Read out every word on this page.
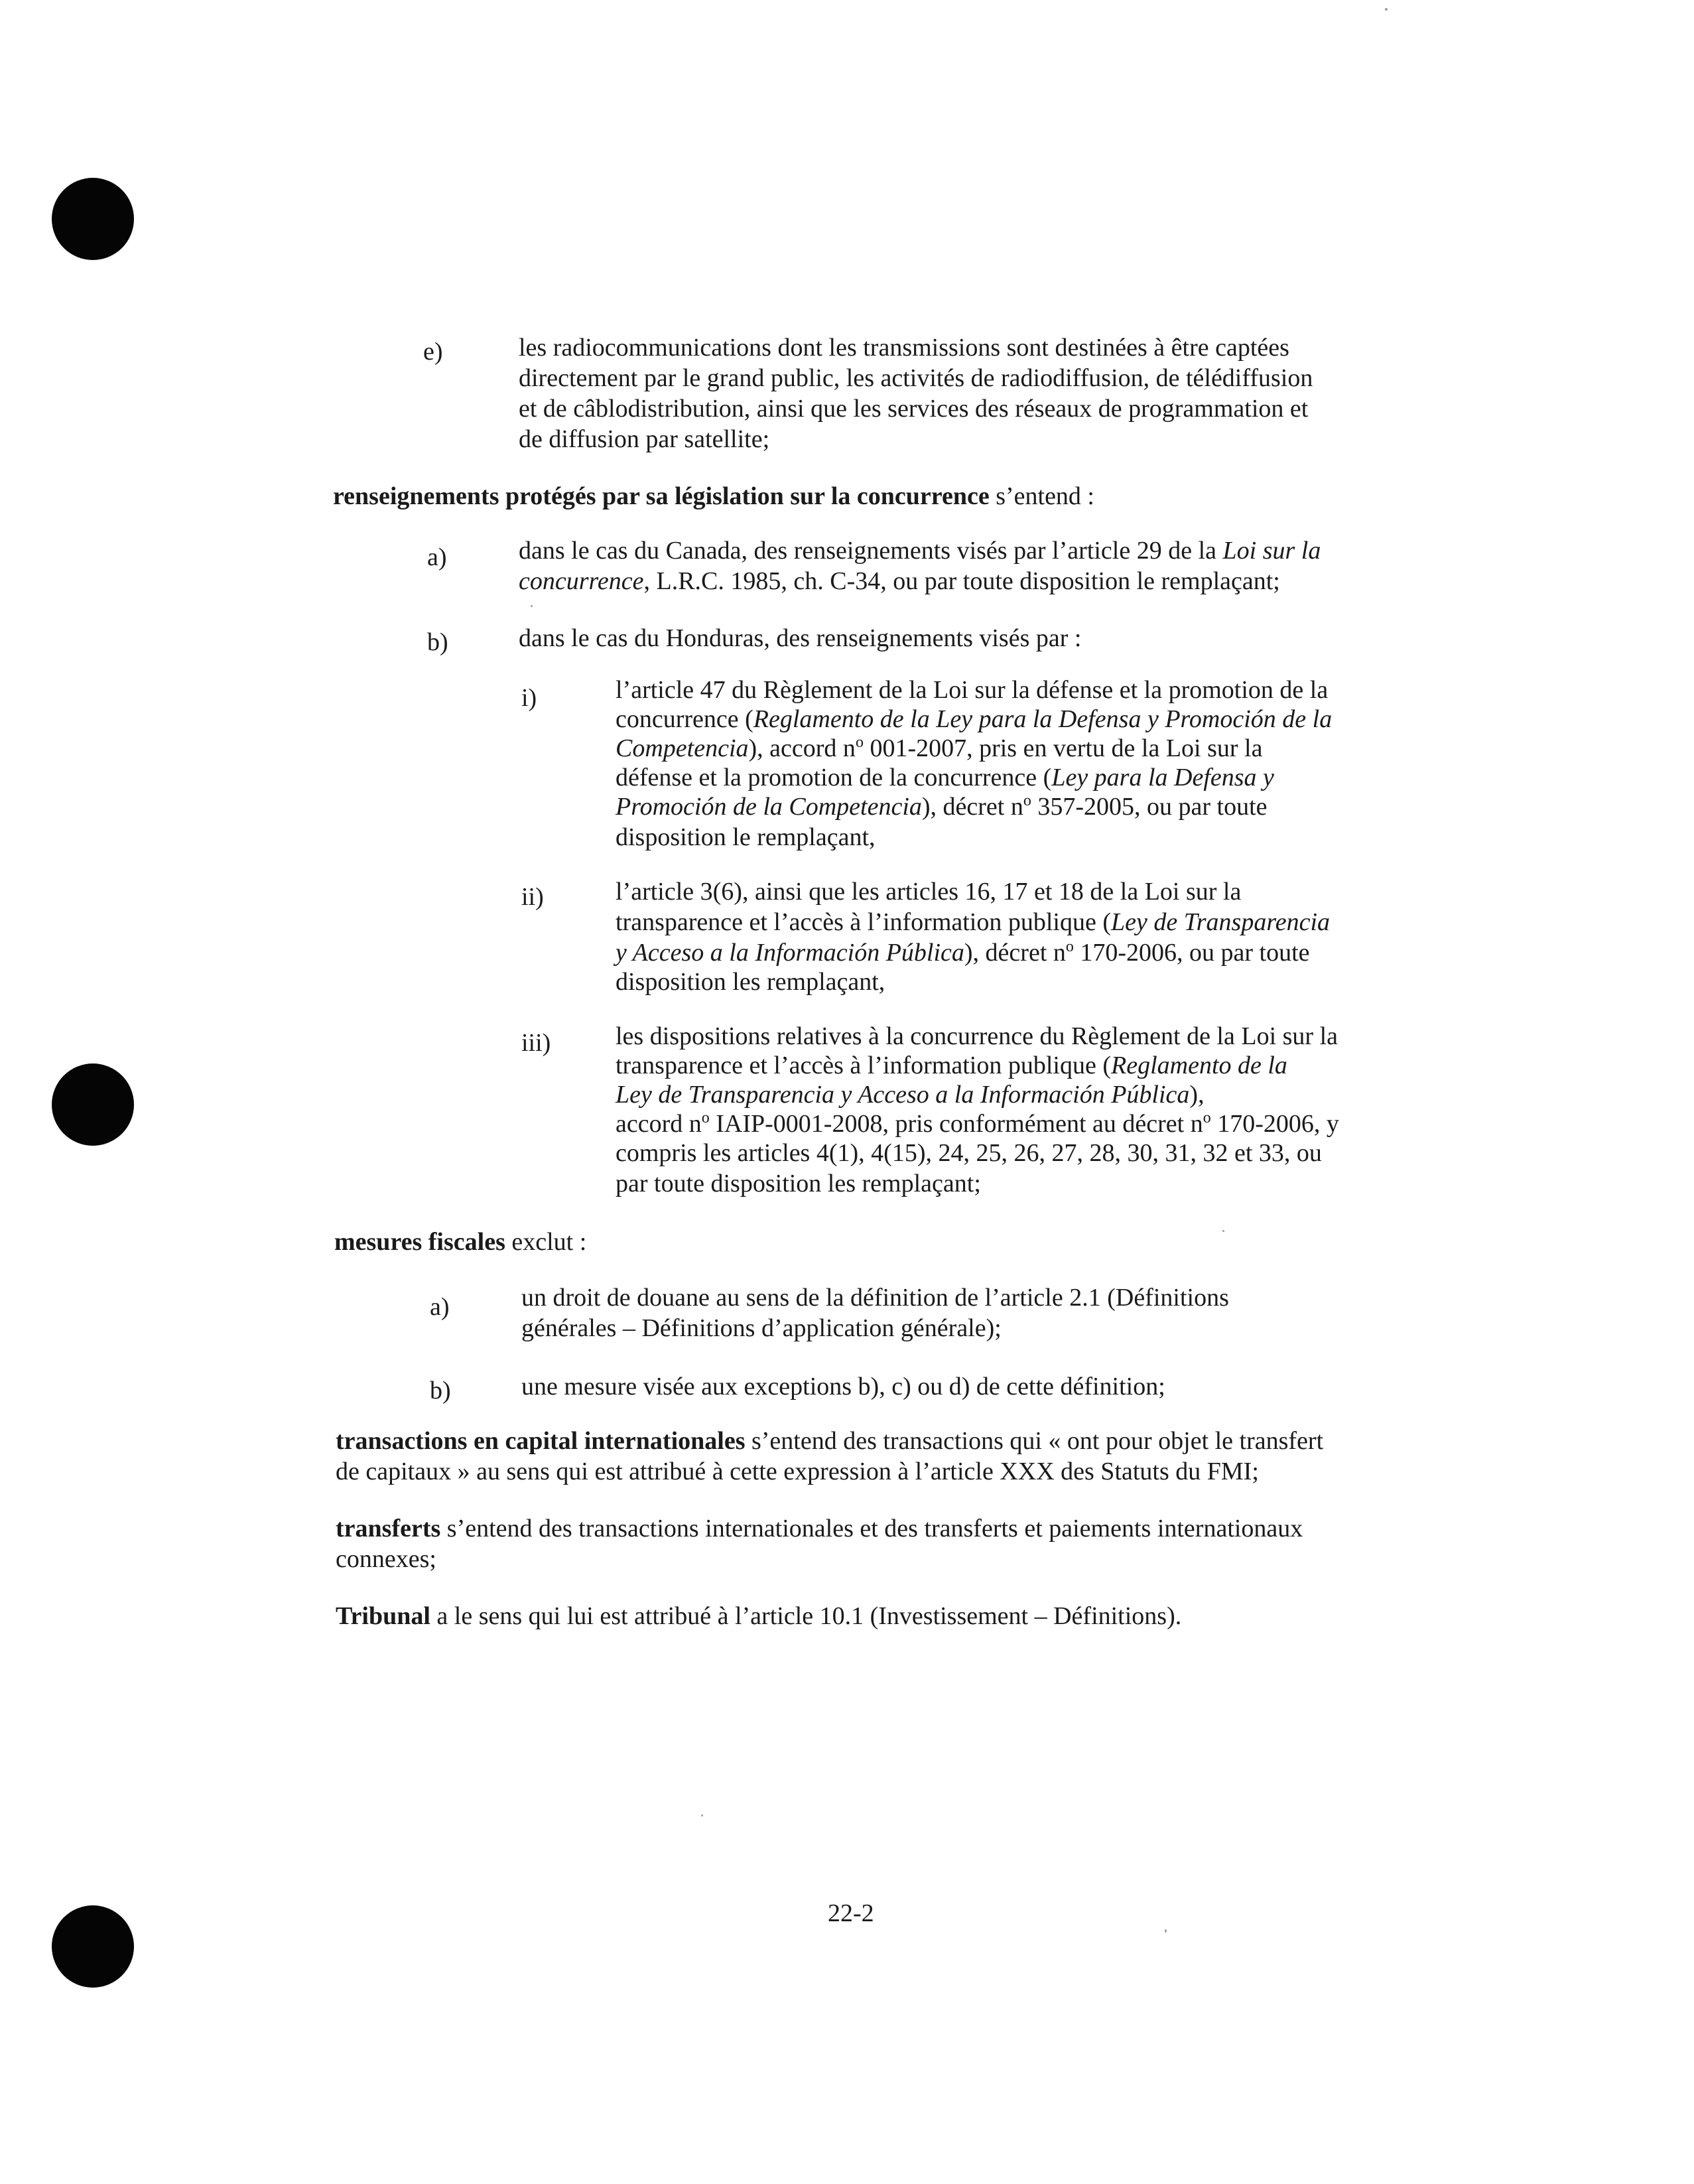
e)	les radiocommunications dont les transmissions sont destinées à être captées
directement par le grand public, les activités de radiodiffusion, de télédiffusion
et de câblodistribution, ainsi que les services des réseaux de programmation et
de diffusion par satellite;
renseignements protégés par sa législation sur la concurrence s’entend :
a)	dans le cas du Canada, des renseignements visés par l’article 29 de la Loi sur la
concurrence, L.R.C. 1985, ch. C-34, ou par toute disposition le remplaçant;
b)	dans le cas du Honduras, des renseignements visés par :
i)	l’article 47 du Règlement de la Loi sur la défense et la promotion de la
concurrence (Reglamento de la Ley para la Defensa y Promoción de la
Competencia), accord $n^o$ 001-2007, pris en vertu de la Loi sur la
défense et la promotion de la concurrence (Ley para la Defensa y
Promoción de la Competencia), décret $n^o$ 357-2005, ou par toute
disposition le remplaçant,
ii)	l’article 3(6), ainsi que les articles 16, 17 et 18 de la Loi sur la
transparence et l’accès à l’information publique (Ley de Transparencia
y Acceso a la Información Pública), décret $n^o$ 170-2006, ou par toute
disposition les remplaçant,
iii)	les dispositions relatives à la concurrence du Règlement de la Loi sur la
transparence et l’accès à l’information publique (Reglamento de la
Ley de Transparencia y Acceso a la Información Pública),
accord $n^o$ IAIP-0001-2008, pris conformément au décret $n^o$ 170-2006, y
compris les articles 4(1), 4(15), 24, 25, 26, 27, 28, 30, 31, 32 et 33, ou
par toute disposition les remplaçant;
mesures fiscales exclut :
a)	un droit de douane au sens de la définition de l’article 2.1 (Définitions
générales – Définitions d’application générale);
b)	une mesure visée aux exceptions b), c) ou d) de cette définition;
transactions en capital internationales s’entend des transactions qui « ont pour objet le transfert
de capitaux » au sens qui est attribué à cette expression à l’article XXX des Statuts du FMI;
transferts s’entend des transactions internationales et des transferts et paiements internationaux
connexes;
Tribunal a le sens qui lui est attribué à l’article 10.1 (Investissement – Définitions).
22-2
